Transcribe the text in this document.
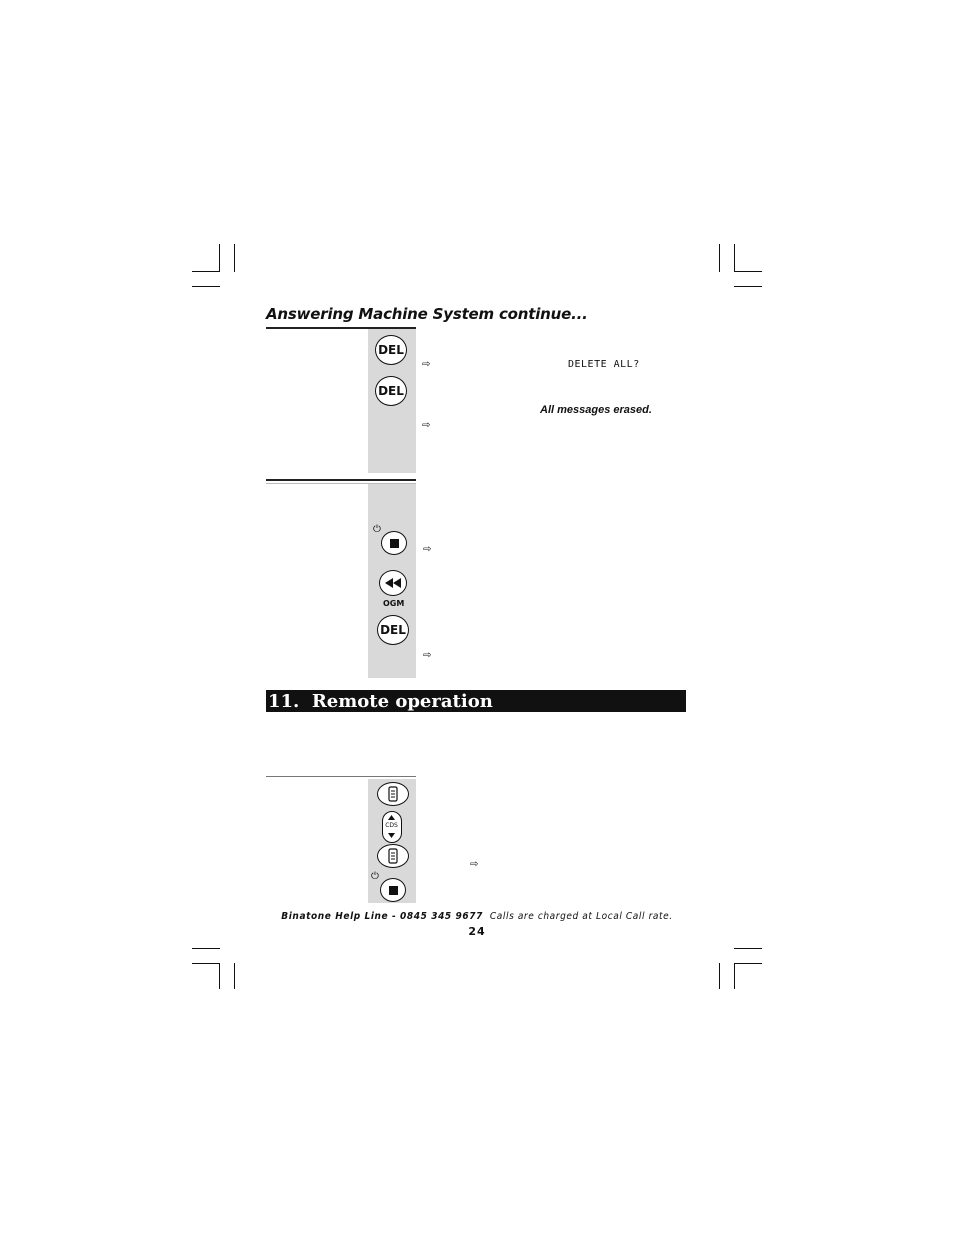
Answering Machine System continue...
DEL
DEL
⇨	DELETE ALL?
All messages erased.
⇨
⏻
⇨
OGM
DEL
⇨
11.  Remote operation
CDS
⇨
⏻
Binatone Help Line - 0845 345 9677 Calls are charged at Local Call rate.
24
